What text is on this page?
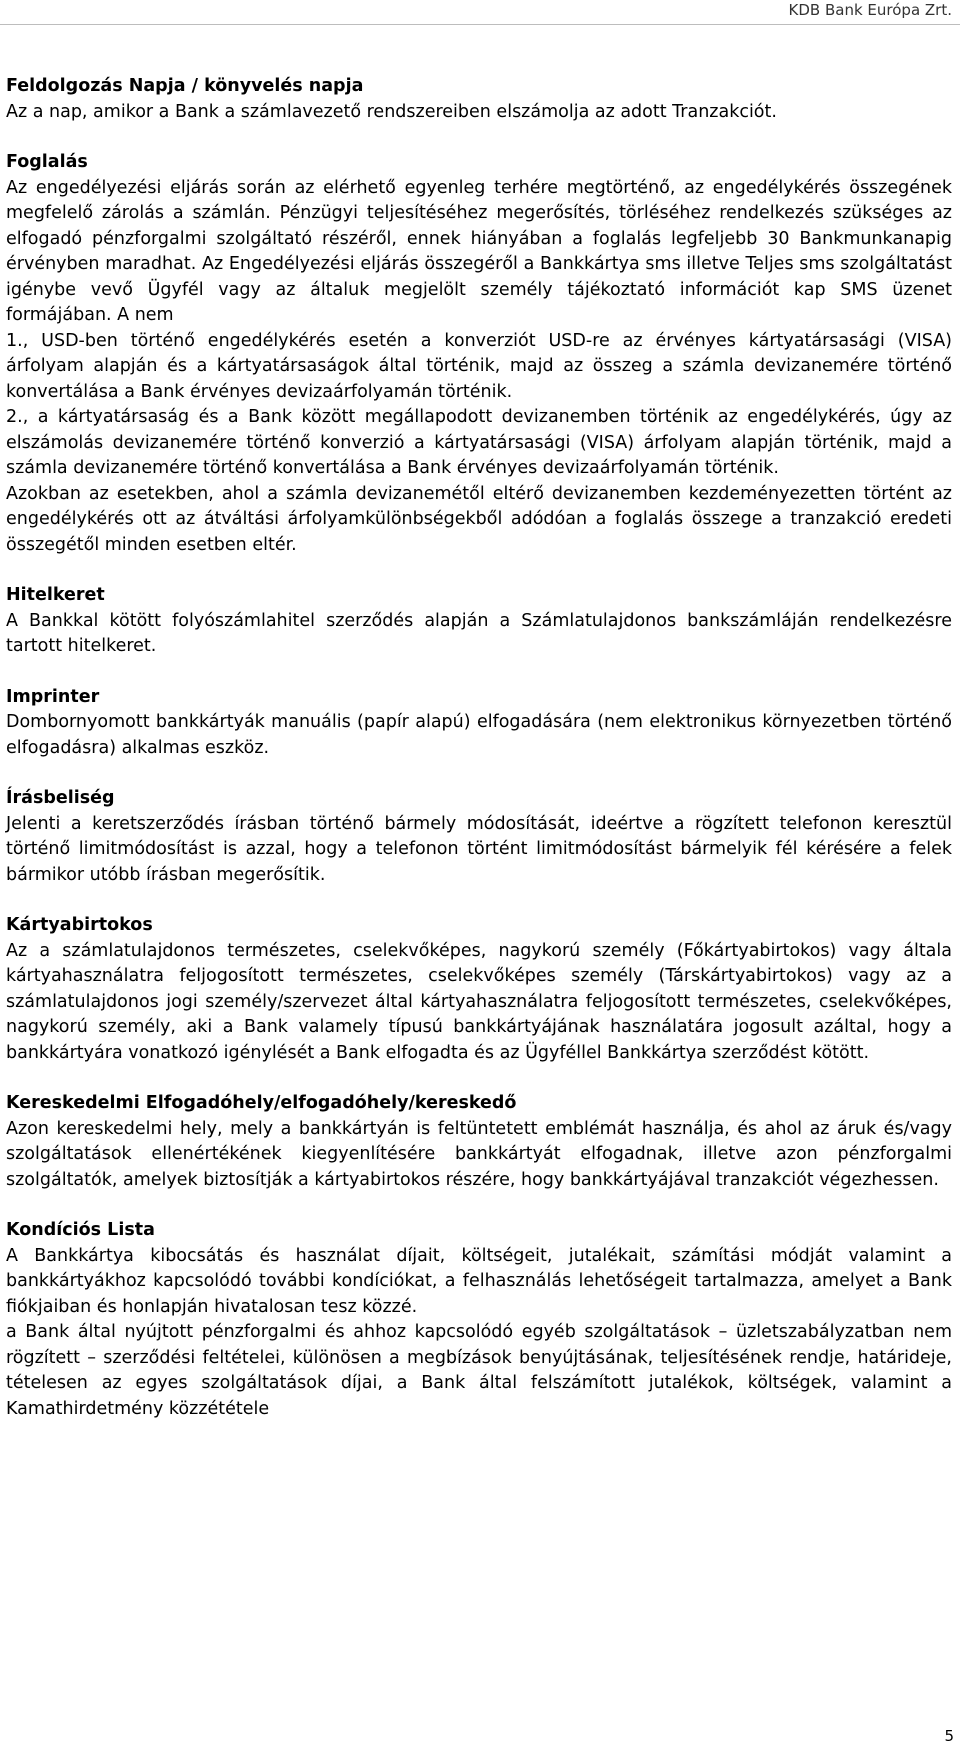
KDB Bank Európa Zrt.

Feldolgozás Napja / könyvelés napja

Az a nap, amikor a Bank a számlavezető rendszereiben elszámolja az adott Tranzakciót.

Foglalás

Az engedélyezési eljárás során az elérhető egyenleg terhére megtörténő, az engedélykérés összegének megfelelő zárolás a számlán. Pénzügyi teljesítéséhez megerősítés, törléséhez rendelkezés szükséges az elfogadó pénzforgalmi szolgáltató részéről, ennek hiányában a foglalás legfeljebb 30 Bankmunkanapig érvényben maradhat. Az Engedélyezési eljárás összegéről a Bankkártya sms illetve Teljes sms szolgáltatást igénybe vevő Ügyfél vagy az általuk megjelölt személy tájékoztató információt kap SMS üzenet formájában. A nem

1., USD-ben történő engedélykérés esetén a konverziót USD-re az érvényes kártyatársasági (VISA) árfolyam alapján és a kártyatársaságok által történik, majd az összeg a számla devizanemére történő konvertálása a Bank érvényes devizaárfolyamán történik.

2., a kártyatársaság és a Bank között megállapodott devizanemben történik az engedélykérés, úgy az elszámolás devizanemére történő konverzió a kártyatársasági (VISA) árfolyam alapján történik, majd a számla devizanemére történő konvertálása a Bank érvényes devizaárfolyamán történik.

Azokban az esetekben, ahol a számla devizanemétől eltérő devizanemben kezdeményezetten történt az engedélykérés ott az átváltási árfolyamkülönbségekből adódóan a foglalás összege a tranzakció eredeti összegétől minden esetben eltér.

Hitelkeret

A Bankkal kötött folyószámlahitel szerződés alapján a Számlatulajdonos bankszámláján rendelkezésre tartott hitelkeret.

Imprinter

Dombornyomott bankkártyák manuális (papír alapú) elfogadására (nem elektronikus környezetben történő elfogadásra) alkalmas eszköz.

Írásbeliség

Jelenti a keretszerződés írásban történő bármely módosítását, ideértve a rögzített telefonon keresztül történő limitmódosítást is azzal, hogy a telefonon történt limitmódosítást bármelyik fél kérésére a felek bármikor utóbb írásban megerősítik.

Kártyabirtokos

Az a számlatulajdonos természetes, cselekvőképes, nagykorú személy (Főkártyabirtokos) vagy általa kártyahasználatra feljogosított természetes, cselekvőképes személy (Társkártyabirtokos) vagy az a számlatulajdonos jogi személy/szervezet által kártyahasználatra feljogosított természetes, cselekvőképes, nagykorú személy, aki a Bank valamely típusú bankkártyájának használatára jogosult azáltal, hogy a bankkártyára vonatkozó igénylését a Bank elfogadta és az Ügyféllel Bankkártya szerződést kötött.

Kereskedelmi Elfogadóhely/elfogadóhely/kereskedő

Azon kereskedelmi hely, mely a bankkártyán is feltüntetett emblémát használja, és ahol az áruk és/vagy szolgáltatások ellenértékének kiegyenlítésére bankkártyát elfogadnak, illetve azon pénzforgalmi szolgáltatók, amelyek biztosítják a kártyabirtokos részére, hogy bankkártyájával tranzakciót végezhessen.

Kondíciós Lista

A Bankkártya kibocsátás és használat díjait, költségeit, jutalékait, számítási módját valamint a bankkártyákhoz kapcsolódó további kondíciókat, a felhasználás lehetőségeit tartalmazza, amelyet a Bank fiókjaiban és honlapján hivatalosan tesz közzé.

a Bank által nyújtott pénzforgalmi és ahhoz kapcsolódó egyéb szolgáltatások – üzletszabályzatban nem rögzített – szerződési feltételei, különösen a megbízások benyújtásának, teljesítésének rendje, határideje, tételesen az egyes szolgáltatások díjai, a Bank által felszámított jutalékok, költségek, valamint a Kamathirdetmény közzététele

5
